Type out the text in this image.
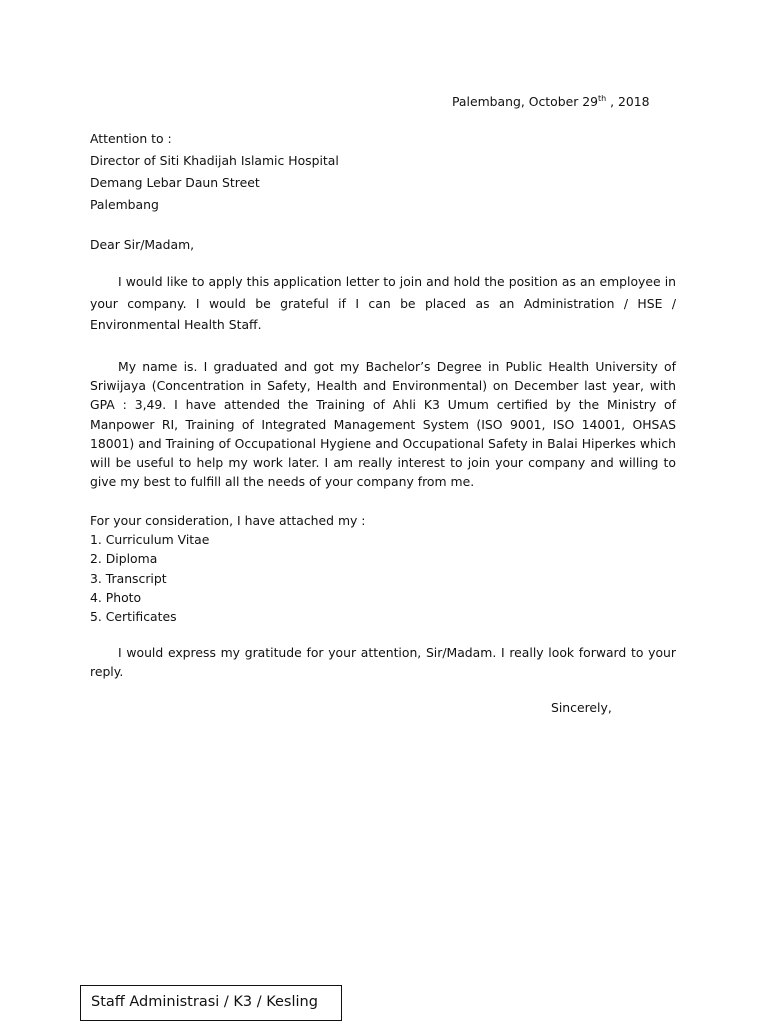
Palembang, October 29th , 2018
Attention to :
Director of Siti Khadijah Islamic Hospital
Demang Lebar Daun Street
Palembang
Dear Sir/Madam,

I would like to apply this application letter to join and hold the position as an employee in your company. I would be grateful if I can be placed as an Administration / HSE / Environmental Health Staff.

My name is. I graduated and got my Bachelor’s Degree in Public Health University of Sriwijaya (Concentration in Safety, Health and Environmental) on December last year, with GPA : 3,49. I have attended the Training of Ahli K3 Umum certified by the Ministry of Manpower RI, Training of Integrated Management System (ISO 9001, ISO 14001, OHSAS 18001) and Training of Occupational Hygiene and Occupational Safety in Balai Hiperkes which will be useful to help my work later. I am really interest to join your company and willing to give my best to fulfill all the needs of your company from me.

For your consideration, I have attached my :
1. Curriculum Vitae
2. Diploma
3. Transcript
4. Photo
5. Certificates

I would express my gratitude for your attention, Sir/Madam. I really look forward to your reply.

Sincerely,
Staff Administrasi / K3 / Kesling
